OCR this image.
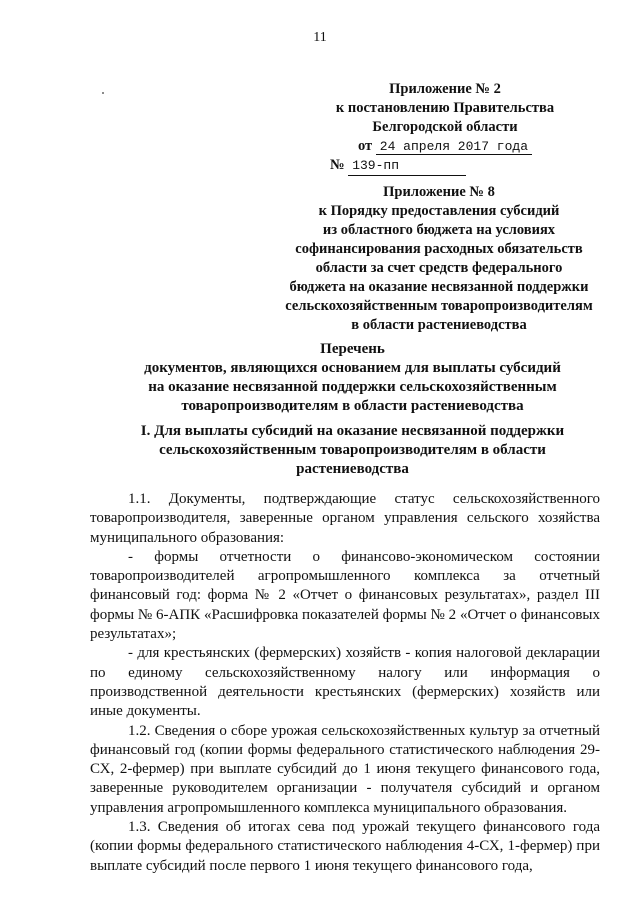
11
Приложение № 2
к постановлению Правительства
Белгородской области
от 24 апреля 2017 года
№ 139-пп
Приложение № 8
к Порядку предоставления субсидий
из областного бюджета на условиях
софинансирования расходных обязательств
области за счет средств федерального
бюджета на оказание несвязанной поддержки
сельскохозяйственным товаропроизводителям
в области растениеводства
Перечень
документов, являющихся основанием для выплаты субсидий
на оказание несвязанной поддержки сельскохозяйственным
товаропроизводителям в области растениеводства
I. Для выплаты субсидий на оказание несвязанной поддержки
сельскохозяйственным товаропроизводителям в области
растениеводства

1.1. Документы, подтверждающие статус сельскохозяйственного товаропроизводителя, заверенные органом управления сельского хозяйства муниципального образования:

- формы отчетности о финансово-экономическом состоянии товаропроизводителей агропромышленного комплекса за отчетный финансовый год: форма № 2 «Отчет о финансовых результатах», раздел III формы № 6-АПК «Расшифровка показателей формы № 2 «Отчет о финансовых результатах»;

- для крестьянских (фермерских) хозяйств - копия налоговой декларации по единому сельскохозяйственному налогу или информация о производственной деятельности крестьянских (фермерских) хозяйств или иные документы.

1.2. Сведения о сборе урожая сельскохозяйственных культур за отчетный финансовый год (копии формы федерального статистического наблюдения 29-СХ, 2-фермер) при выплате субсидий до 1 июня текущего финансового года, заверенные руководителем организации - получателя субсидий и органом управления агропромышленного комплекса муниципального образования.

1.3. Сведения об итогах сева под урожай текущего финансового года (копии формы федерального статистического наблюдения 4-СХ, 1-фермер) при выплате субсидий после первого 1 июня текущего финансового года,
